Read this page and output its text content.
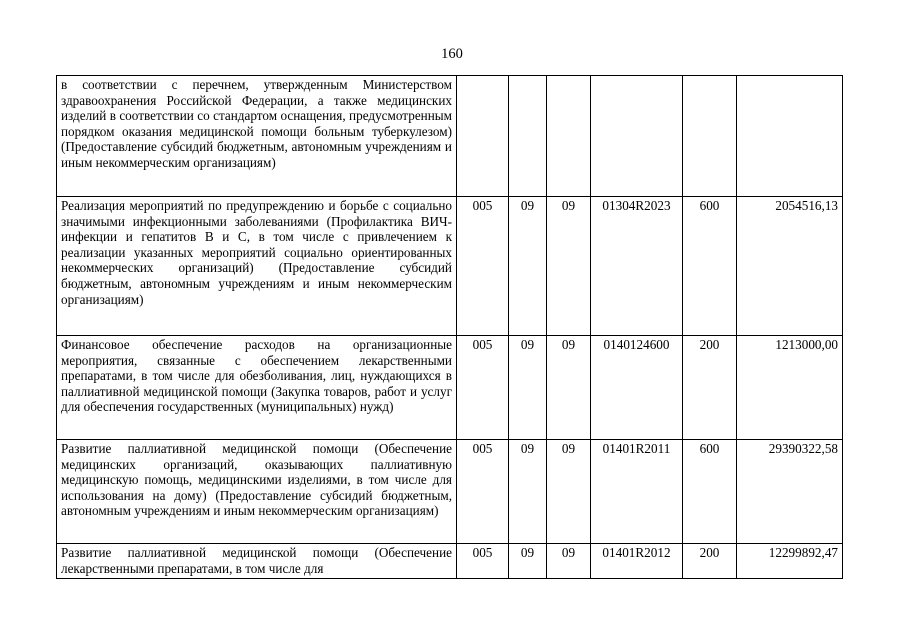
160
в соответствии с перечнем, утвержденным Министерством здравоохранения Российской Федерации, а также медицинских изделий в соответствии со стандартом оснащения, предусмотренным порядком оказания медицинской помощи больным туберкулезом) (Предоставление субсидий бюджетным, автономным учреждениям и иным некоммерческим организациям)						
Реализация мероприятий по предупреждению и борьбе с социально значимыми инфекционными заболеваниями (Профилактика ВИЧ-инфекции и гепатитов В и С, в том числе с привлечением к реализации указанных мероприятий социально ориентированных некоммерческих организаций) (Предоставление субсидий бюджетным, автономным учреждениям и иным некоммерческим организациям)	005	09	09	01304R2023	600	2054516,13
Финансовое обеспечение расходов на организационные мероприятия, связанные с обеспечением лекарственными препаратами, в том числе для обезболивания, лиц, нуждающихся в паллиативной медицинской помощи (Закупка товаров, работ и услуг для обеспечения государственных (муниципальных) нужд)	005	09	09	0140124600	200	1213000,00
Развитие паллиативной медицинской помощи (Обеспечение медицинских организаций, оказывающих паллиативную медицинскую помощь, медицинскими изделиями, в том числе для использования на дому) (Предоставление субсидий бюджетным, автономным учреждениям и иным некоммерческим организациям)	005	09	09	01401R2011	600	29390322,58
Развитие паллиативной медицинской помощи (Обеспечение лекарственными препаратами, в том числе для	005	09	09	01401R2012	200	12299892,47
